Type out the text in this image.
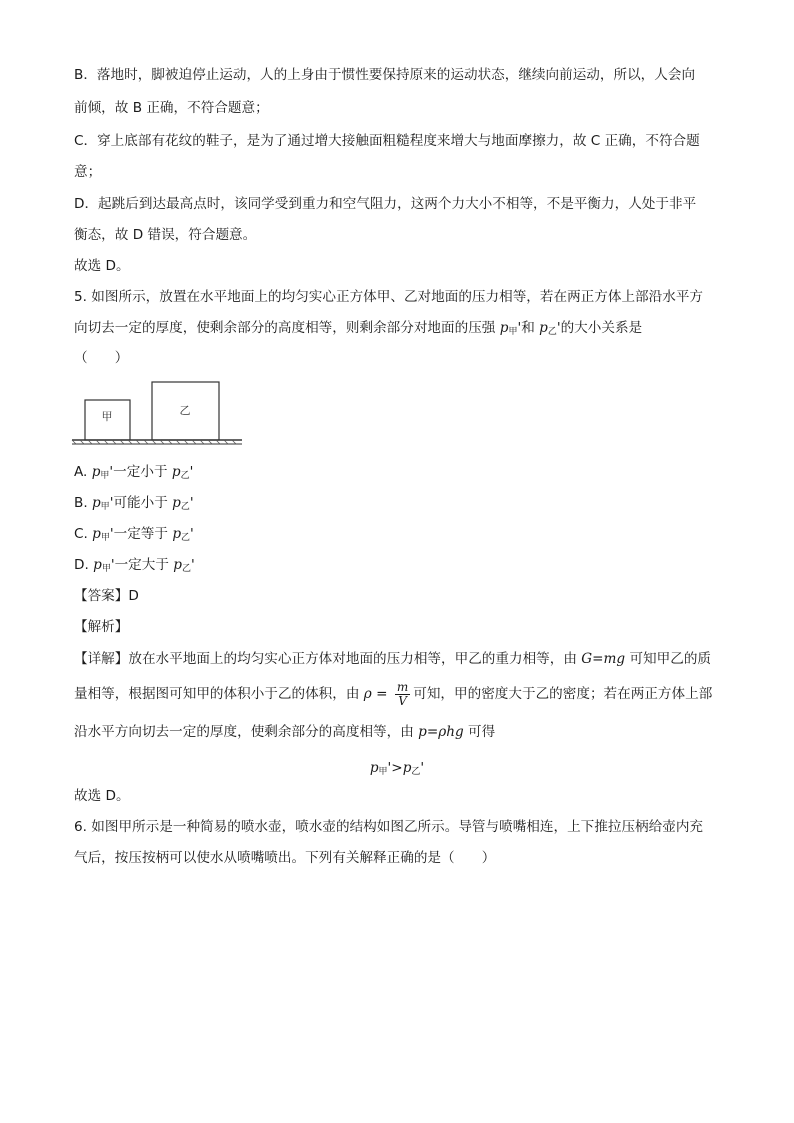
B．落地时，脚被迫停止运动，人的上身由于惯性要保持原来的运动状态，继续向前运动，所以，人会向
前倾，故 B 正确，不符合题意；
C．穿上底部有花纹的鞋子，是为了通过增大接触面粗糙程度来增大与地面摩擦力，故 C 正确，不符合题
意；
D．起跳后到达最高点时，该同学受到重力和空气阻力，这两个力大小不相等，不是平衡力，人处于非平
衡态，故 D 错误，符合题意。
故选 D。
5. 如图所示，放置在水平地面上的均匀实心正方体甲、乙对地面的压力相等，若在两正方体上部沿水平方
向切去一定的厚度，使剩余部分的高度相等，则剩余部分对地面的压强 $p_甲'$和 $p_乙'$的大小关系是
（　　）
甲	乙
A. $p_甲'$一定小于 $p_乙'$
B. $p_甲'$可能小于 $p_乙'$
C. $p_甲'$一定等于 $p_乙'$
D. $p_甲'$一定大于 $p_乙'$
【答案】D
【解析】
【详解】放在水平地面上的均匀实心正方体对地面的压力相等，甲乙的重力相等，由 G=mg 可知甲乙的质
量相等，根据图可知甲的体积小于乙的体积，由 $\rho = \frac{m}{V}$ 可知，甲的密度大于乙的密度；若在两正方体上部
沿水平方向切去一定的厚度，使剩余部分的高度相等，由 p=ρhg 可得
$p_甲'>p_乙'$
故选 D。
6. 如图甲所示是一种简易的喷水壶，喷水壶的结构如图乙所示。导管与喷嘴相连，上下推拉压柄给壶内充
气后，按压按柄可以使水从喷嘴喷出。下列有关解释正确的是（　　）
